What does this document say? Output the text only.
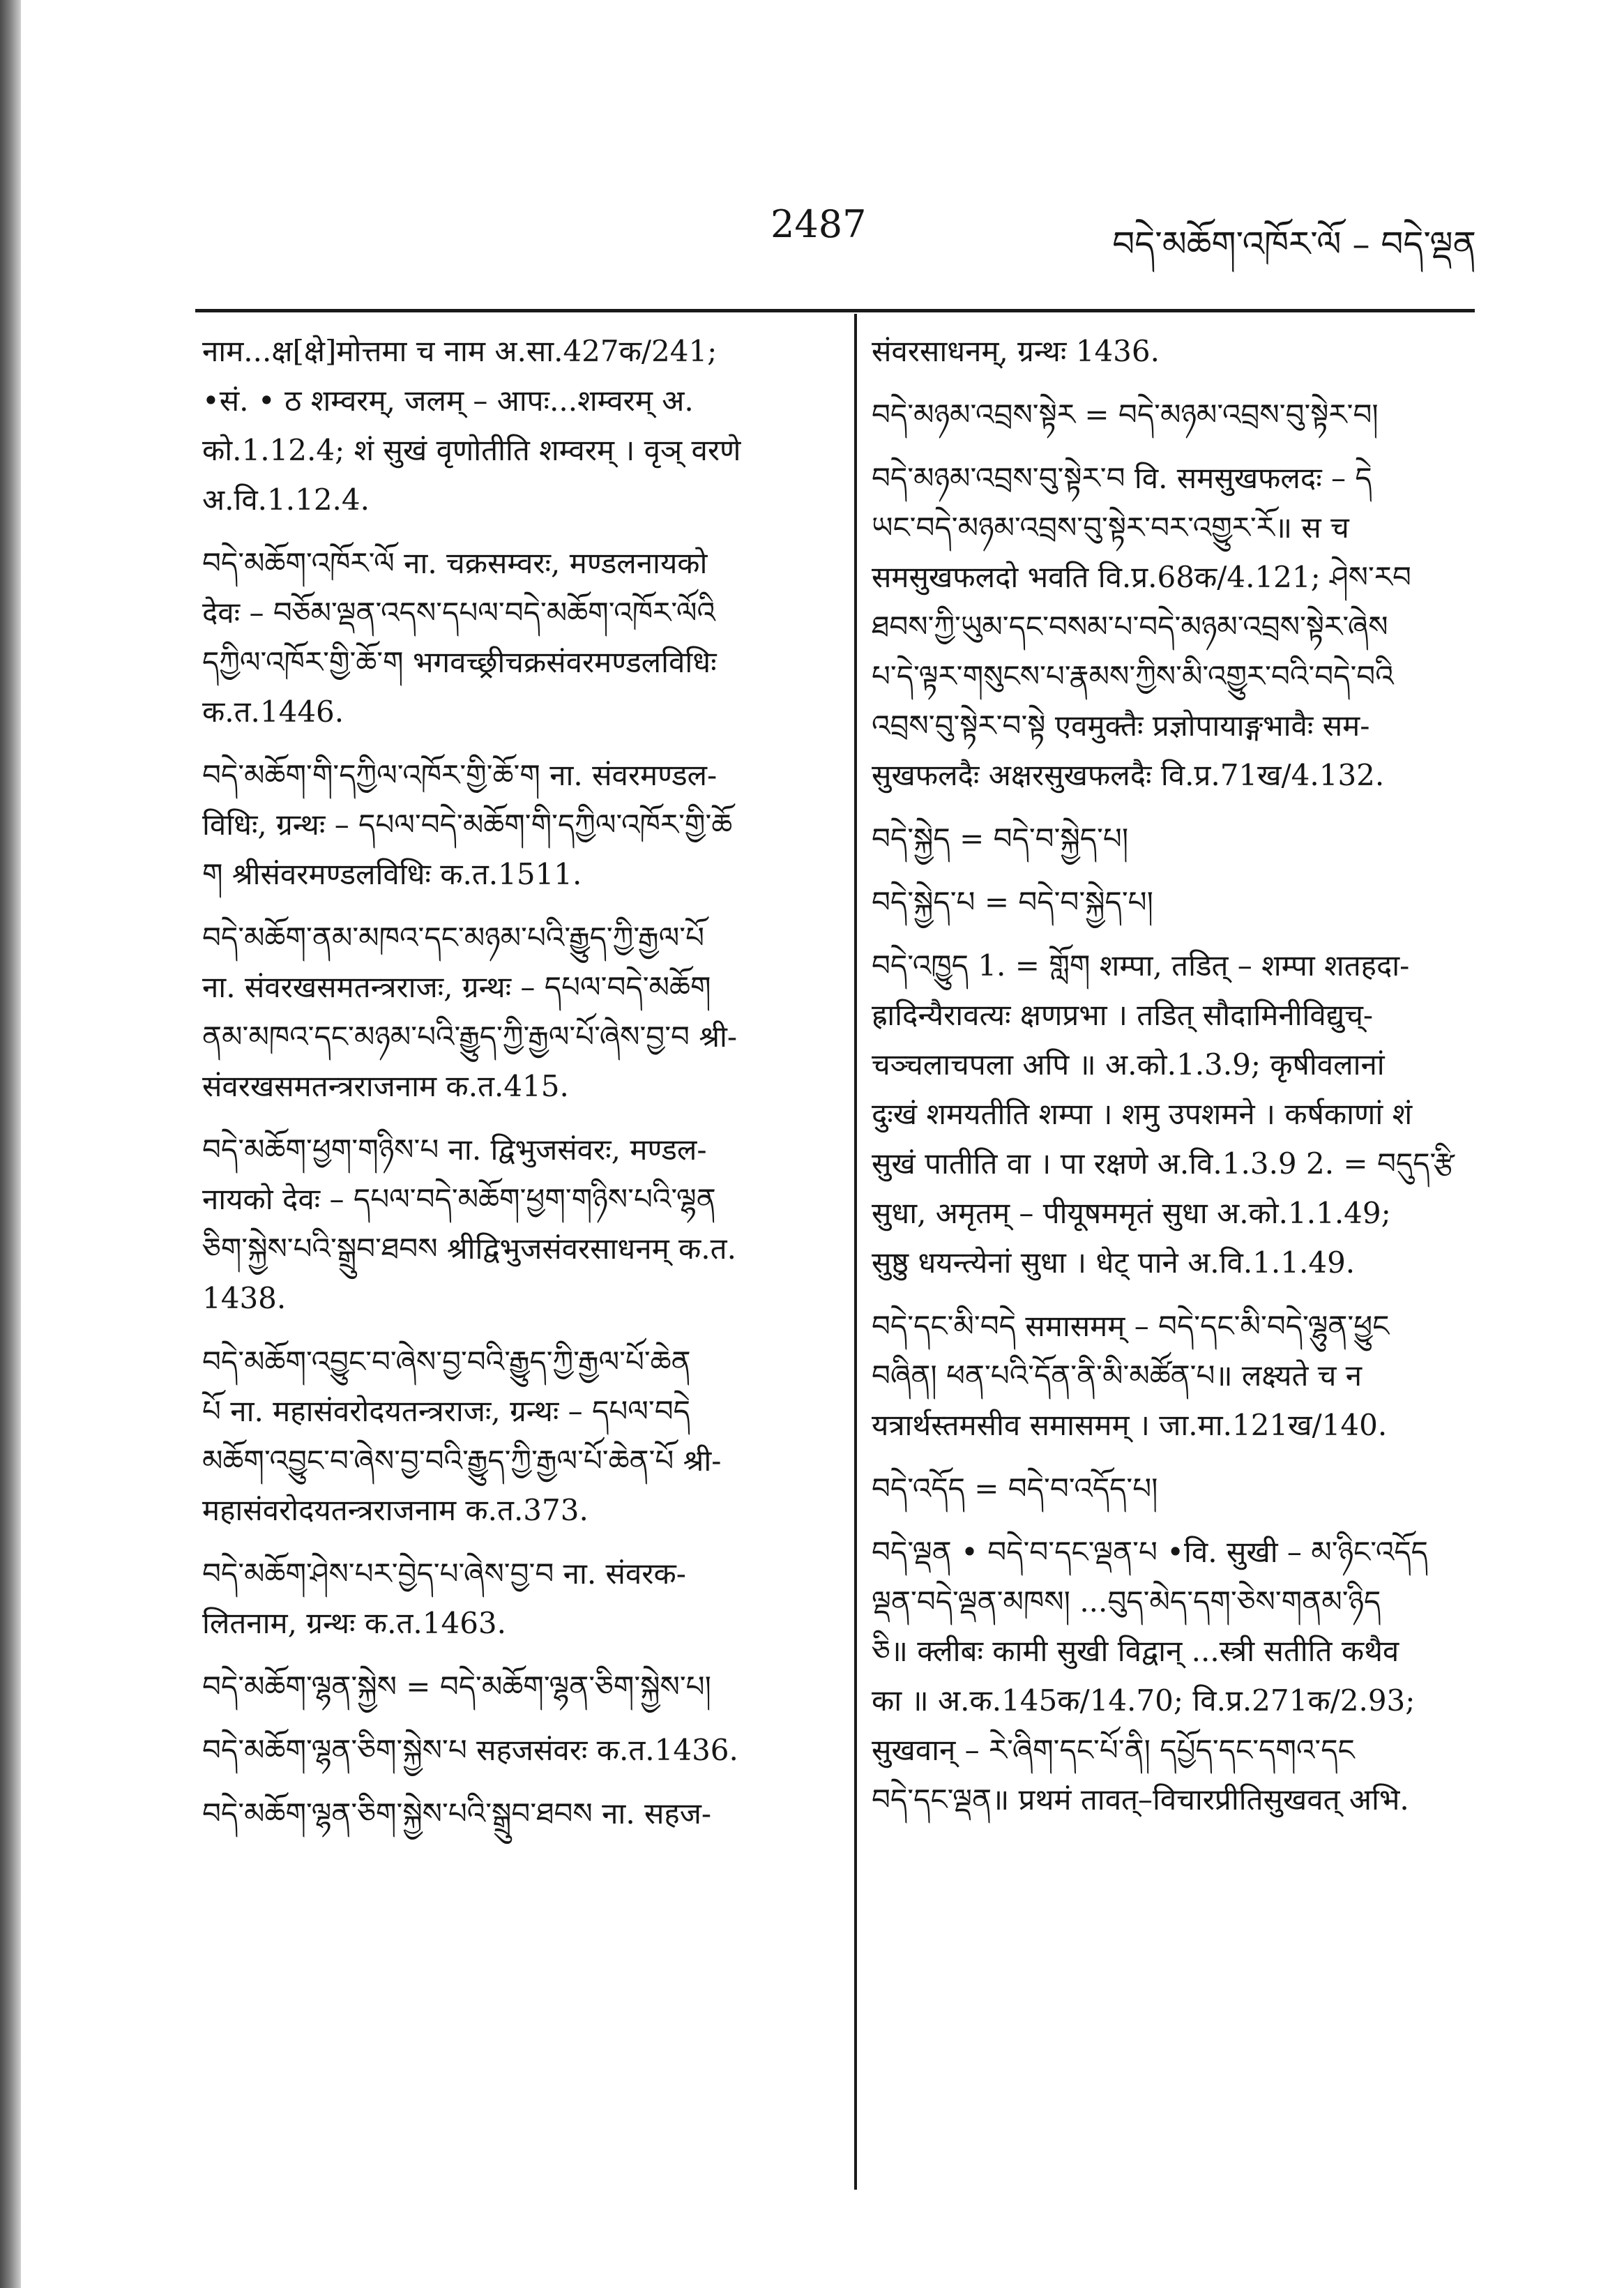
2487	བདེ་མཆོག་འཁོར་ལོ – བདེ་ལྡན
नाम...क्ष[क्षे]मोत्तमा च नाम अ.सा.427क/241;
•सं. • ठ शम्वरम्, जलम् – आपः...शम्वरम् अ.
को.1.12.4; शं सुखं वृणोतीति शम्वरम् । वृञ् वरणे
अ.वि.1.12.4.
བདེ་མཆོག་འཁོར་ལོ ना. चक्रसम्वरः, मण्डलनायको
देवः – བཅོམ་ལྡན་འདས་དཔལ་བདེ་མཆོག་འཁོར་ལོའི
དཀྱིལ་འཁོར་གྱི་ཆོ་ག भगवच्छ्रीचक्रसंवरमण्डलविधिः
क.त.1446.
བདེ་མཆོག་གི་དཀྱིལ་འཁོར་གྱི་ཆོ་ག ना. संवरमण्डल-
विधिः, ग्रन्थः – དཔལ་བདེ་མཆོག་གི་དཀྱིལ་འཁོར་གྱི་ཆོ
ག श्रीसंवरमण्डलविधिः क.त.1511.
བདེ་མཆོག་ནམ་མཁའ་དང་མཉམ་པའི་རྒྱུད་ཀྱི་རྒྱལ་པོ
ना. संवरखसमतन्त्रराजः, ग्रन्थः – དཔལ་བདེ་མཆོག
ནམ་མཁའ་དང་མཉམ་པའི་རྒྱུད་ཀྱི་རྒྱལ་པོ་ཞེས་བྱ་བ श्री-
संवरखसमतन्त्रराजनाम क.त.415.
བདེ་མཆོག་ཕྱག་གཉིས་པ ना. द्विभुजसंवरः, मण्डल-
नायको देवः – དཔལ་བདེ་མཆོག་ཕྱག་གཉིས་པའི་ལྷན
ཅིག་སྐྱེས་པའི་སྒྲུབ་ཐབས श्रीद्विभुजसंवरसाधनम् क.त.
1438.
བདེ་མཆོག་འབྱུང་བ་ཞེས་བྱ་བའི་རྒྱུད་ཀྱི་རྒྱལ་པོ་ཆེན
པོ ना. महासंवरोदयतन्त्रराजः, ग्रन्थः – དཔལ་བདེ
མཆོག་འབྱུང་བ་ཞེས་བྱ་བའི་རྒྱུད་ཀྱི་རྒྱལ་པོ་ཆེན་པོ श्री-
महासंवरोदयतन्त्रराजनाम क.त.373.
བདེ་མཆོག་ཤེས་པར་བྱེད་པ་ཞེས་བྱ་བ ना. संवरक-
लितनाम, ग्रन्थः क.त.1463.
བདེ་མཆོག་ལྷན་སྐྱེས = བདེ་མཆོག་ལྷན་ཅིག་སྐྱེས་པ།
བདེ་མཆོག་ལྷན་ཅིག་སྐྱེས་པ सहजसंवरः क.त.1436.
བདེ་མཆོག་ལྷན་ཅིག་སྐྱེས་པའི་སྒྲུབ་ཐབས ना. सहज-
संवरसाधनम्, ग्रन्थः 1436.
བདེ་མཉམ་འབྲས་སྟེར = བདེ་མཉམ་འབྲས་བུ་སྟེར་བ།
བདེ་མཉམ་འབྲས་བུ་སྟེར་བ वि. समसुखफलदः – དེ
ཡང་བདེ་མཉམ་འབྲས་བུ་སྟེར་བར་འགྱུར་རོ॥ स च
समसुखफलदो भवति वि.प्र.68क/4.121; ཤེས་རབ
ཐབས་ཀྱི་ཡུམ་དང་བསམ་པ་བདེ་མཉམ་འབྲས་སྟེར་ཞེས
པ་དེ་ལྟར་གསུངས་པ་རྣམས་ཀྱིས་མི་འགྱུར་བའི་བདེ་བའི
འབྲས་བུ་སྟེར་བ་སྟེ एवमुक्तैः प्रज्ञोपायाङ्गभावैः सम-
सुखफलदैः अक्षरसुखफलदैः वि.प्र.71ख/4.132.
བདེ་སྐྱེད = བདེ་བ་སྐྱེད་པ།
བདེ་སྐྱེད་པ = བདེ་བ་སྐྱེད་པ།
བདེ་འཁྱུད 1. = གློག शम्पा, तडित् – शम्पा शतहदा-
ह्रादिन्यैरावत्यः क्षणप्रभा । तडित् सौदामिनीविद्युच्-
चञ्चलाचपला अपि ॥ अ.को.1.3.9; कृषीवलानां
दुःखं शमयतीति शम्पा । शमु उपशमने । कर्षकाणां शं
सुखं पातीति वा । पा रक्षणे अ.वि.1.3.9 2. = བདུད་རྩི
सुधा, अमृतम् – पीयूषममृतं सुधा अ.को.1.1.49;
सुष्ठु धयन्त्येनां सुधा । धेट् पाने अ.वि.1.1.49.
བདེ་དང་མི་བདེ समासमम् – བདེ་དང་མི་བདེ་ལྷུན་ཕྱུང
བཞིན། ཕན་པའི་དོན་ནི་མི་མཚོན་པ॥ लक्ष्यते च न
यत्रार्थस्तमसीव समासमम् । जा.मा.121ख/140.
བདེ་འདོད = བདེ་བ་འདོད་པ།
བདེ་ལྡན • བདེ་བ་དང་ལྡན་པ •वि. सुखी – མ་ཉིང་འདོད
ལྡན་བདེ་ལྡན་མཁས། ...བུད་མེད་དག་ཅེས་གནམ་ཉིད
ཅི॥ क्लीबः कामी सुखी विद्वान् ...स्त्री सतीति कथैव
का ॥ अ.क.145क/14.70; वि.प्र.271क/2.93;
सुखवान् – རེ་ཞིག་དང་པོ་ནི། དཔྱོད་དང་དགའ་དང
བདེ་དང་ལྡན॥ प्रथमं तावत्–विचारप्रीतिसुखवत् अभि.
